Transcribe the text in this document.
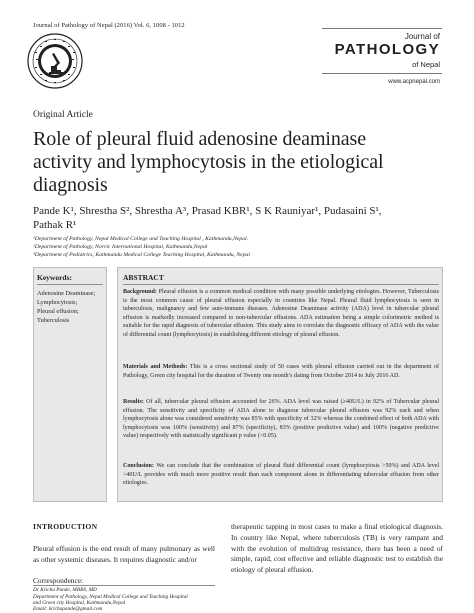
Journal of Pathology of Nepal (2016) Vol. 6, 1008 - 1012
Journal of
PATHOLOGY
of Nepal
www.acpnepal.com
Original Article
Role of pleural fluid adenosine deaminase
activity and lymphocytosis in the etiological
diagnosis
Pande K¹, Shrestha S², Shrestha A³, Prasad KBR¹, S K Rauniyar¹, Pudasaini S¹,
Pathak R¹
¹Department of Pathology, Nepal Medical College and Teaching Hospital , Kathmandu,Nepal.
²Department of Pathology, Norvic International Hospital, Kathmandu,Nepal
³Department of Pediatrics, Kathmandu Medical College Teaching Hospital, Kathmandu, Nepal
Keywords:
Adenosine Deaminase;
Lymphocytosis;
Pleural effusion;
Tuberculosis
ABSTRACT
Background: Pleural effusion is a common medical condition with many possible underlying etiologies. However, Tuberculosis is the most common cause of pleural effusion especially in countries like Nepal. Pleural fluid lymphocytosis is seen in tuberculosis, malignancy and few auto-immune diseases. Adenosine Deaminase activity (ADA) level in tubercular pleural effusion is markedly increased compared to non-tubercular effusions. ADA estimation being a simple colorimetric method is suitable for the rapid diagnosis of tubercular effusion. This study aims to correlate the diagnostic efficacy of ADA with the value of differential count (lymphocytosis) in establishing different etiology of pleural effusion.
Materials and Methods: This is a cross sectional study of 50 cases with pleural effusion carried out in the department of Pathology, Green city hospital for the duration of Twenty one month’s dating from October 2014 to July 2016 AD.
Results: Of all, tubercular pleural effusion accounted for 26%. ADA level was raised (≥40U/L) in 92% of Tubercular pleural effusion. The sensitivity and specificity of ADA alone to diagnose tubercular pleural effusion was 92% each and when lymphocytosis alone was considered sensitivity was 85% with specificity of 32% whereas the combined effect of both ADA with lymphocytosis was 100% (sensitivity) and 87% (specificity), 83% (positive predictive value) and 100% (negative predictive value) respectively with statistically significant p value (<0.05).
Conclusion: We can conclude that the combination of pleural fluid differential count (lymphocytosis >50%) and ADA level >40U/L provides with much more positive result than each component alone in differentiating tubercular effusion from other etiologies.
INTRODUCTION
Pleural effusion is the end result of many pulmonary as well as other systemic diseases. It requires diagnostic and/or
therapeutic tapping in most cases to make a final etiological diagnosis. In country like Nepal, where tuberculosis (TB) is very rampant and with the evolution of multidrug resistance, there has been a need of simple, rapid, cost effective and reliable diagnostic test to establish the etiology of pleural effusion.
Correspondence:
Dr Kricha Pande, MBBS, MD
Department of Pathology, Nepal Medical College and Teaching Hospital
and Green city Hospital, Kathmandu,Nepal
Email: krichapande@gmail.com
